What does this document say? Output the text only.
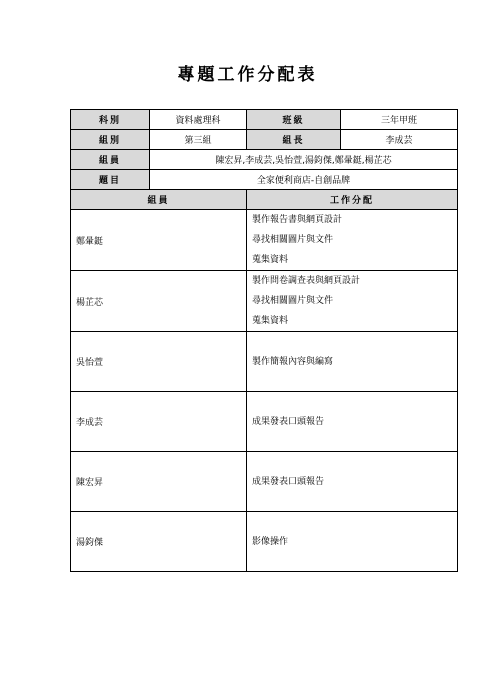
專題工作分配表
科別	資料處理科	班級	三年甲班
組別	第三組	組長	李成芸
組員	陳宏昇,李成芸,吳怡萱,湯鈞傑,鄭暈鋌,楊芷芯		
題目	全家便利商店-自創品牌		
組員		工作分配	
鄭暈鋌		製作報告書與網頁設計
尋找相關圖片與文件
蒐集資料	

楊芷芯		製作問卷調查表與網頁設計
尋找相關圖片與文件
蒐集資料	

吳怡萱		製作簡報內容與編寫	

李成芸		成果發表口頭報告	

陳宏昇		成果發表口頭報告	

湯鈞傑		影像操作	
